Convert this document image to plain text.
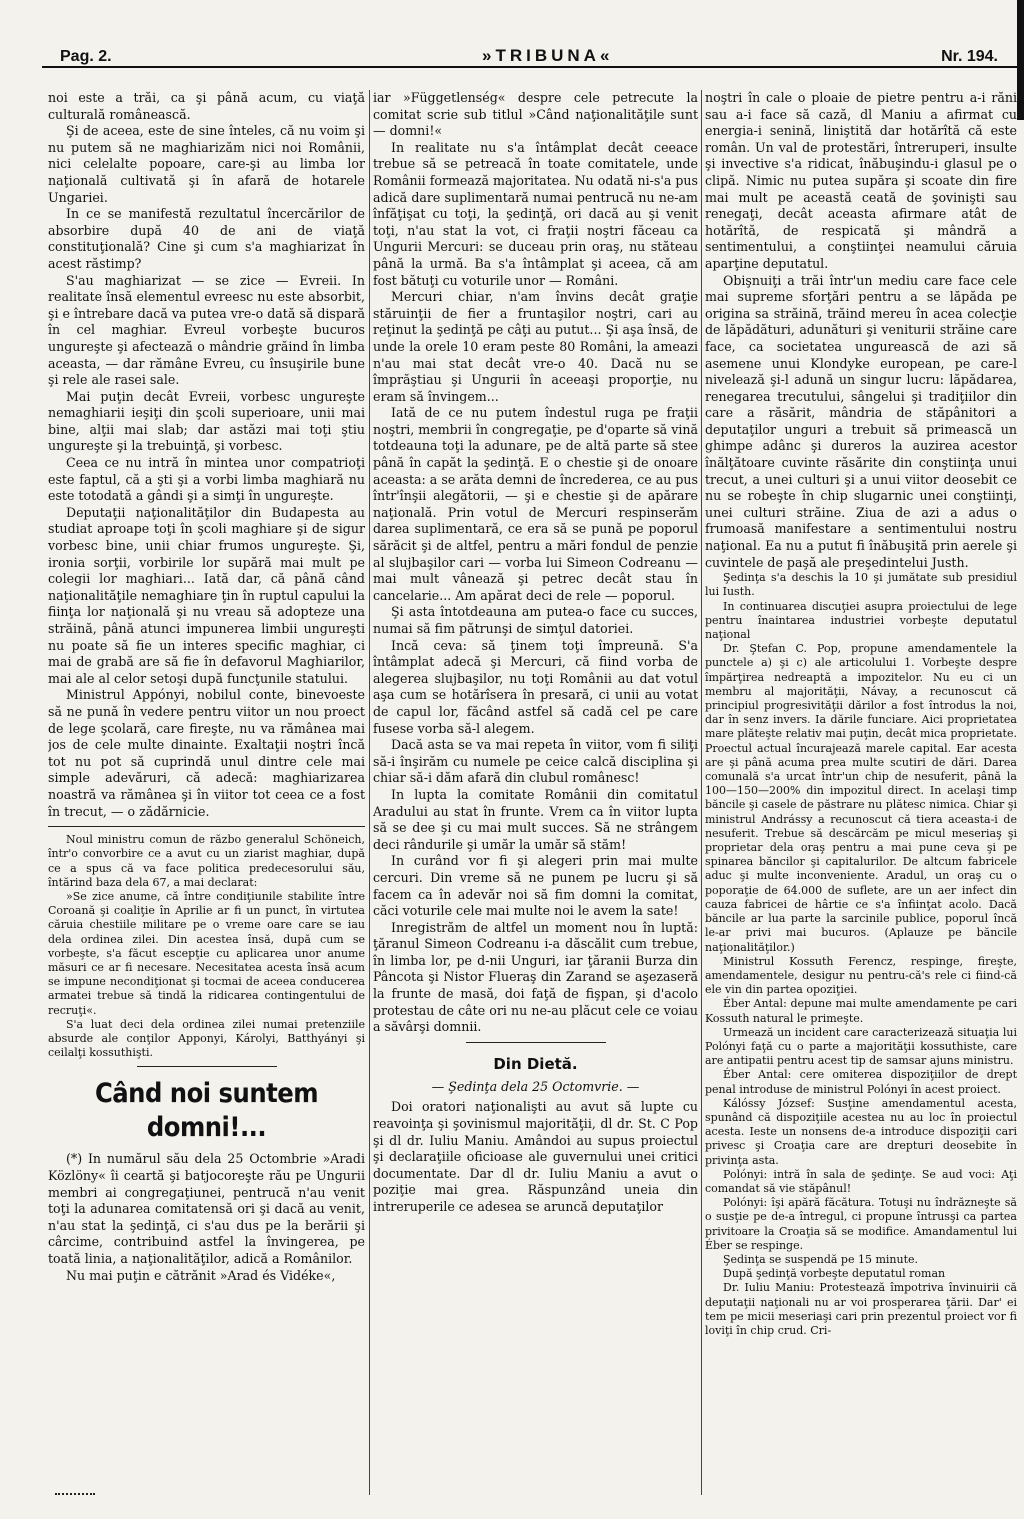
Pag. 2.	»TRIBUNA«	Nr. 194.

noi este a trăi, ca şi până acum, cu viaţă culturală românească.

Şi de aceea, este de sine înteles, că nu voim şi nu putem să ne maghiarizăm nici noi Românii, nici celelalte popoare, care-şi au limba lor naţională cultivată şi în afară de hotarele Ungariei.

In ce se manifestă rezultatul încercărilor de absorbire după 40 de ani de viaţă constituţională? Cine şi cum s'a maghiarizat în acest răstimp?

S'au maghiarizat — se zice — Evreii. In realitate însă elementul evreesc nu este absorbit, şi e întrebare dacă va putea vre-o dată să dispară în cel maghiar. Evreul vorbeşte bucuros ungureşte şi afectează o mândrie grăind în limba aceasta, — dar rămâne Evreu, cu însuşirile bune şi rele ale rasei sale.

Mai puţin decât Evreii, vorbesc ungureşte nemaghiarii ieşiţi din şcoli superioare, unii mai bine, alţii mai slab; dar astăzi mai toţi ştiu ungureşte şi la trebuinţă, şi vorbesc.

Ceea ce nu intră în mintea unor compatrioţi este faptul, că a şti şi a vorbi limba maghiară nu este totodată a gândi şi a simţi în ungureşte.

Deputaţii naţionalităţilor din Budapesta au studiat aproape toţi în şcoli maghiare şi de sigur vorbesc bine, unii chiar frumos ungureşte. Şi, ironia sorţii, vorbirile lor supără mai mult pe colegii lor maghiari... Iată dar, că până când naţionalităţile nemaghiare ţin în ruptul capului la fiinţa lor naţională şi nu vreau să adopteze una străină, până atunci impunerea limbii ungureşti nu poate să fie un interes specific maghiar, ci mai de grabă are să fie în defavorul Maghiarilor, mai ale al celor setoşi după funcţunile statului.

Ministrul Appónyi, nobilul conte, binevoeste să ne pună în vedere pentru viitor un nou proect de lege şcolară, care fireşte, nu va rămânea mai jos de cele multe dinainte. Exaltaţii noştri încă tot nu pot să cuprindă unul dintre cele mai simple adevăruri, că adecă: maghiarizarea noastră va rămânea şi în viitor tot ceea ce a fost în trecut, — o zădărnicie.

Noul ministru comun de războ generalul Schöneich, într'o convorbire ce a avut cu un ziarist maghiar, după ce a spus că va face politica predecesorului său, întărind baza dela 67, a mai declarat:

»Se zice anume, că între condiţiunile stabilite între Coroană şi coaliţie în Aprilie ar fi un punct, în virtutea căruia chestiile militare pe o vreme oare care se iau dela ordinea zilei. Din acestea însă, după cum se vorbeşte, s'a făcut escepţie cu aplicarea unor anume măsuri ce ar fi necesare. Necesitatea acesta însă acum se impune necondiţionat şi tocmai de aceea conducerea armatei trebue să tindă la ridicarea contingentului de recruţi«.

S'a luat deci dela ordinea zilei numai pretenziile absurde ale conţilor Apponyi, Károlyi, Batthyányi şi ceilalţi kossuthişti.

Când noi suntem domni!...

(*) In numărul său dela 25 Octombrie »Aradi Közlöny« îi ceartă şi batjocoreşte rău pe Ungurii membri ai congregaţiunei, pentrucă n'au venit toţi la adunarea comitatensă ori şi dacă au venit, n'au stat la şedinţă, ci s'au dus pe la berării şi cârcime, contribuind astfel la învingerea, pe toată linia, a naţionalităţilor, adică a Românilor.

Nu mai puţin e cătrănit »Arad és Vidéke«,

iar »Függetlenség« despre cele petrecute la comitat scrie sub titlul »Când naţionalităţile sunt — domni!«

In realitate nu s'a întâmplat decât ceeace trebue să se petreacă în toate comitatele, unde Românii formează majoritatea. Nu odată ni-s'a pus adică dare suplimentară numai pentrucă nu ne-am înfăţişat cu toţi, la şedinţă, ori dacă au şi venit toţi, n'au stat la vot, ci fraţii noştri făceau ca Ungurii Mercuri: se duceau prin oraş, nu stăteau până la urmă. Ba s'a întâmplat şi aceea, că am fost bătuţi cu voturile unor — Români.

Mercuri chiar, n'am învins decât graţie stăruinţii de fier a fruntaşilor noştri, cari au reţinut la şedinţă pe câţi au putut... Şi aşa însă, de unde la orele 10 eram peste 80 Români, la ameazi n'au mai stat decât vre-o 40. Dacă nu se împrăştiau şi Ungurii în aceeaşi proporţie, nu eram să învingem...

Iată de ce nu putem îndestul ruga pe fraţii noştri, membrii în congregaţie, pe d'oparte să vină totdeauna toţi la adunare, pe de altă parte să stee până în capăt la şedinţă. E o chestie şi de onoare aceasta: a se arăta demni de încrederea, ce au pus într'înşii alegătorii, — şi e chestie şi de apărare naţională. Prin votul de Mercuri respinserăm darea suplimentară, ce era să se pună pe poporul sărăcit şi de altfel, pentru a mări fondul de penzie al slujbaşilor cari — vorba lui Simeon Codreanu — mai mult vânează şi petrec decât stau în cancelarie... Am apărat deci de rele — poporul.

Şi asta întotdeauna am putea-o face cu succes, numai să fim pătrunşi de simţul datoriei.

Incă ceva: să ţinem toţi împreună. S'a întâmplat adecă şi Mercuri, că fiind vorba de alegerea slujbaşilor, nu toţi Românii au dat votul aşa cum se hotărîsera în presară, ci unii au votat de capul lor, făcând astfel să cadă cel pe care fusese vorba să-l alegem.

Dacă asta se va mai repeta în viitor, vom fi siliţi să-i înşirăm cu numele pe ceice calcă disciplina şi chiar să-i dăm afară din clubul românesc!

In lupta la comitate Românii din comitatul Aradului au stat în frunte. Vrem ca în viitor lupta să se dee şi cu mai mult succes. Să ne strângem deci rândurile şi umăr la umăr să stăm!

In curând vor fi şi alegeri prin mai multe cercuri. Din vreme să ne punem pe lucru şi să facem ca în adevăr noi să fim domni la comitat, căci voturile cele mai multe noi le avem la sate!

Inregistrăm de altfel un moment nou în luptă: ţăranul Simeon Codreanu i-a dăscălit cum trebue, în limba lor, pe d-nii Unguri, iar ţăranii Burza din Pâncota şi Nistor Flueraş din Zarand se aşezaseră la frunte de masă, doi faţă de fişpan, şi d'acolo protestau de câte ori nu ne-au plăcut cele ce voiau a săvârşi domnii.

Din Dietă.
— Şedinţa dela 25 Octomvrie. —

Doi oratori naţionalişti au avut să lupte cu reavoinţa şi şovinismul majorităţii, dl dr. St. C Pop şi dl dr. Iuliu Maniu. Amândoi au supus proiectul şi declaraţiile oficioase ale guvernului unei critici documentate. Dar dl dr. Iuliu Maniu a avut o poziţie mai grea. Răspunzând uneia din intreruperile ce adesea se aruncă deputaţilor

noştri în cale o ploaie de pietre pentru a-i răni sau a-i face să cază, dl Maniu a afirmat cu energia-i senină, liniştită dar hotărîtă că este român. Un val de protestări, întreruperi, insulte şi invective s'a ridicat, înăbuşindu-i glasul pe o clipă. Nimic nu putea supăra şi scoate din fire mai mult pe această ceată de şovinişti sau renegaţi, decât aceasta afirmare atât de hotărîtă, de respicată şi mândră a sentimentului, a conştiinţei neamului căruia aparţine deputatul.

Obişnuiţi a trăi într'un mediu care face cele mai supreme sforţări pentru a se lăpăda pe origina sa străină, trăind mereu în acea colecţie de lăpădături, adunături şi veniturii străine care face, ca societatea ungurească de azi să asemene unui Klondyke european, pe care-l nivelează şi-l adună un singur lucru: lăpădarea, renegarea trecutului, sângelui şi tradiţiilor din care a răsărit, mândria de stăpânitori a deputaţilor unguri a trebuit să primească un ghimpe adânc şi dureros la auzirea acestor înălţătoare cuvinte răsărite din conştiinţa unui trecut, a unei culturi şi a unui viitor deosebit ce nu se robeşte în chip slugarnic unei conştiinţi, unei culturi străine. Ziua de azi a adus o frumoasă manifestare a sentimentului nostru naţional. Ea nu a putut fi înăbuşită prin aerele şi cuvintele de paşă ale preşedintelui Justh.

Şedinţa s'a deschis la 10 şi jumătate sub presidiul lui Iusth.

In continuarea discuţiei asupra proiectului de lege pentru înaintarea industriei vorbeşte deputatul naţional

Dr. Ştefan C. Pop, propune amendamentele la punctele a) şi c) ale articolului 1. Vorbeşte despre împărţirea nedreaptă a impozitelor. Nu eu ci un membru al majorităţii, Návay, a recunoscut că principiul progresivităţii dărilor a fost întrodus la noi, dar în senz invers. Ia dările funciare. Aici proprietatea mare plăteşte relativ mai puţin, decât mica proprietate. Proectul actual încurajează marele capital. Ear acesta are şi până acuma prea multe scutiri de dări. Darea comunală s'a urcat într'un chip de nesuferit, până la 100—150—200% din impozitul direct. In acelaşi timp băncile şi casele de păstrare nu plătesc nimica. Chiar şi ministrul Andrássy a recunoscut că tiera aceasta-i de nesuferit. Trebue să descărcăm pe micul meseriaş şi proprietar dela oraş pentru a mai pune ceva şi pe spinarea băncilor şi capitalurilor. De altcum fabricele aduc şi multe inconveniente. Aradul, un oraş cu o poporaţie de 64.000 de suflete, are un aer infect din cauza fabricei de hârtie ce s'a înfiinţat acolo. Dacă băncile ar lua parte la sarcinile publice, poporul încă le-ar privi mai bucuros. (Aplauze pe băncile naţionalităţilor.)

Ministrul Kossuth Ferencz, respinge, fireşte, amendamentele, desigur nu pentru-că's rele ci fiind-că ele vin din partea opoziţiei.

Éber Antal: depune mai multe amendamente pe cari Kossuth natural le primeşte.

Urmează un incident care caracterizează situaţia lui Polónyi faţă cu o parte a majorităţii kossuthiste, care are antipatii pentru acest tip de samsar ajuns ministru.

Éber Antal: cere omiterea dispoziţiilor de drept penal introduse de ministrul Polónyi în acest proiect.

Kálóssy József: Susţine amendamentul acesta, spunând că dispoziţiile acestea nu au loc în proiectul acesta. Ieste un nonsens de-a introduce dispoziţii cari privesc şi Croaţia care are drepturi deosebite în privinţa asta.

Polónyi: intră în sala de şedinţe. Se aud voci: Aţi comandat să vie stăpânul!

Polónyi: îşi apără făcătura. Totuşi nu îndrăzneşte să o susţie pe de-a întregul, ci propune întrusşi ca partea privitoare la Croaţia să se modifice. Amandamentul lui Éber se respinge.

Şedinţa se suspendă pe 15 minute.

După şedinţă vorbeşte deputatul roman

Dr. Iuliu Maniu: Protestează împotriva învinuirii că deputaţii naţionali nu ar voi prosperarea ţării. Dar' ei tem pe micii meseriaşi cari prin prezentul proiect vor fi loviţi în chip crud. Cri-
